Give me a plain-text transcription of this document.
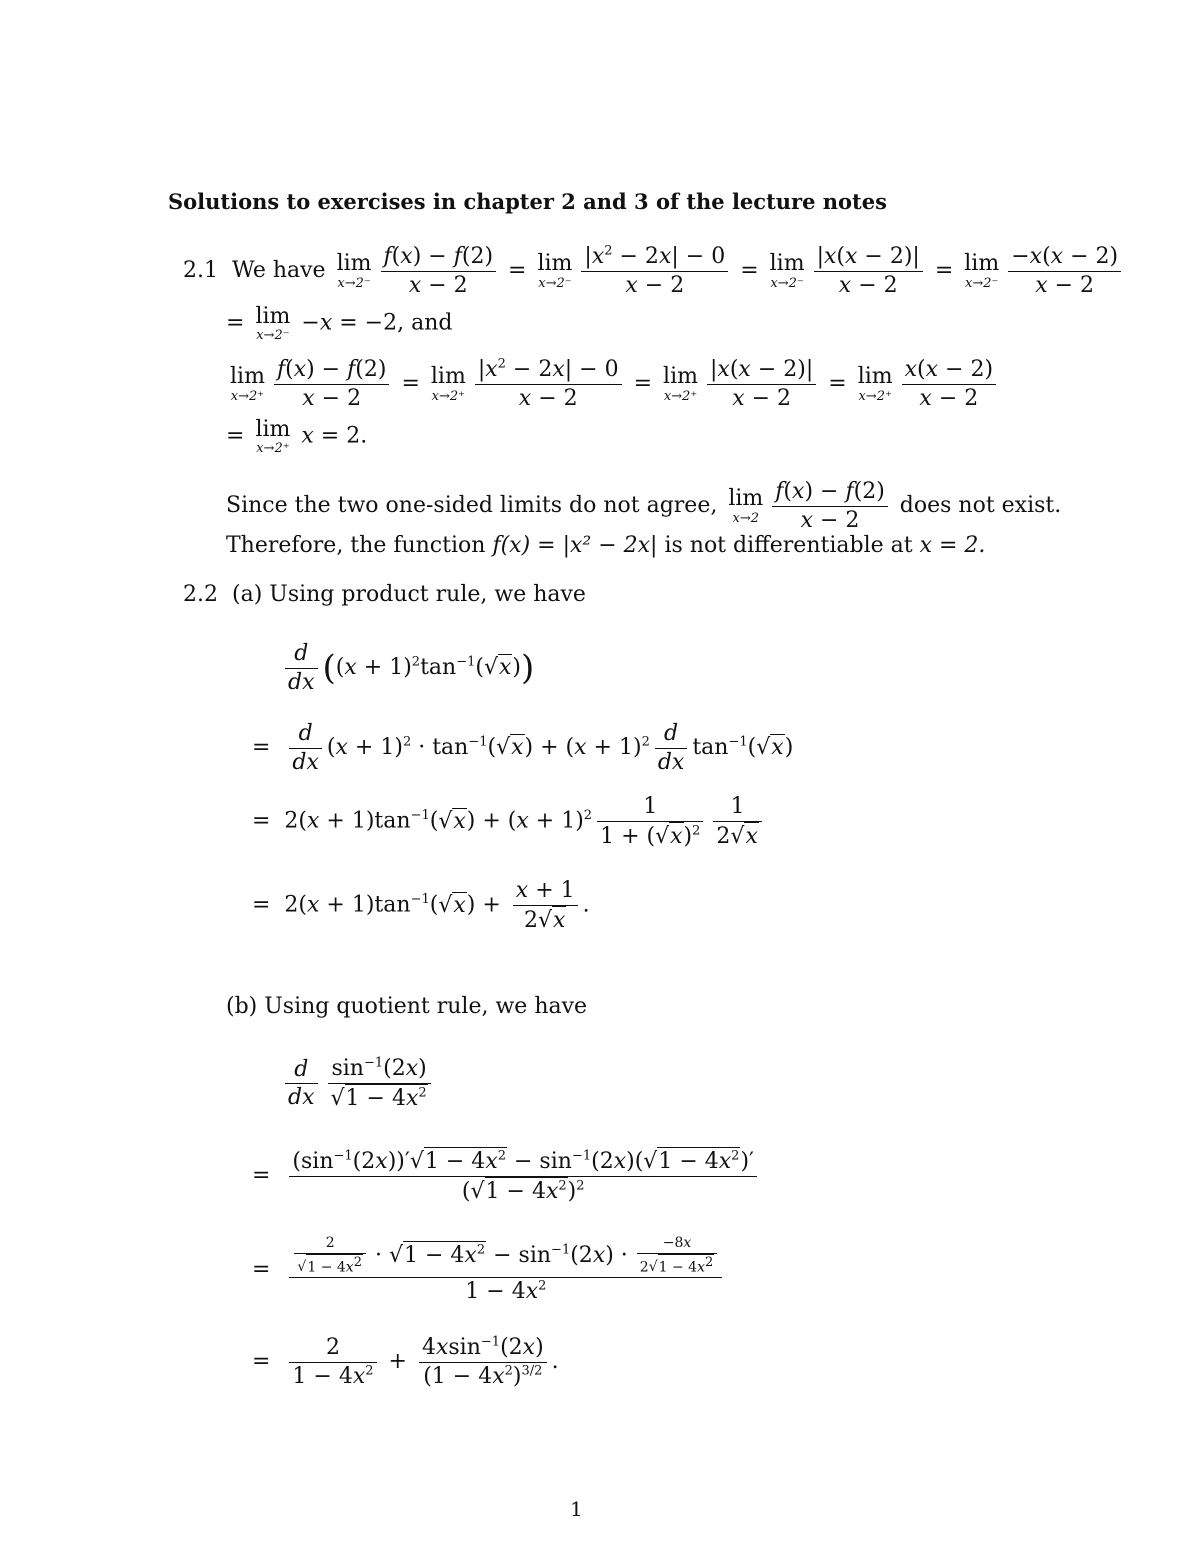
Solutions to exercises in chapter 2 and 3 of the lecture notes
2.1 We have lim
$x\to 2^- \frac{f(x) - f(2)}{x - 2} = \lim$
$x\to 2^- \frac{|x^2 - 2x| - 0}{x - 2} = \lim$
$x\to 2^- \frac{|x(x - 2)|}{x - 2} = \lim$
$x\to 2^- \frac{-x(x - 2)}{x - 2}$
= lim
x→2⁻
−x = −2, and
lim
$x\to 2^+ \frac{f(x) - f(2)}{x - 2} = \lim$
$x\to 2^+ \frac{|x^2 - 2x| - 0}{x - 2} = \lim$
$x\to 2^+ \frac{|x(x - 2)|}{x - 2} = \lim$
$x\to 2^+ \frac{x(x - 2)}{x - 2}$
= lim
x→2⁺
x = 2.
Since the two one-sided limits do not agree, lim
$x\to 2 \frac{f(x) - f(2)}{x - 2}$ does not exist.
Therefore, the function f(x) = |x² − 2x| is not differentiable at x = 2.
2.2 (a) Using product rule, we have
$\frac{d}{dx} ((x + 1)^2\tan^{-1}(√x))$
= $\frac{d}{dx} (x + 1)^2 \cdot \tan^{-1}(√x) + (x + 1)^2 \frac{d}{dx} \tan^{-1}(√x)$
=  $2(x + 1)\tan^{-1}(√x) + (x + 1)^2 \frac{1}{1 + (√x)^2} \frac{1}{2√x}$
=  $2(x + 1)\tan^{-1}(√x) + \frac{x + 1}{2√x}$ .
(b) Using quotient rule, we have
$\frac{d}{dx} \frac{\sin^{-1}(2x)}{√1 - 4x^2}$
= $\frac{(\sin^{-1}(2x))'√1 - 4x^2 - \sin^{-1}(2x)(√1 - 4x^2)'}{(√1 - 4x^2)^2}$
= $\frac{\frac{2}{√1 - 4x^2} \cdot √1 - 4x^2 - \sin^{-1}(2x) \cdot \frac{-8x}{2√1 - 4x^2}}{1 - 4x^2}$
= $\frac{2}{1 - 4x^2} + \frac{4xsin^{-1}(2x)}{(1 - 4x^2)^{3/2}}$ .
1
